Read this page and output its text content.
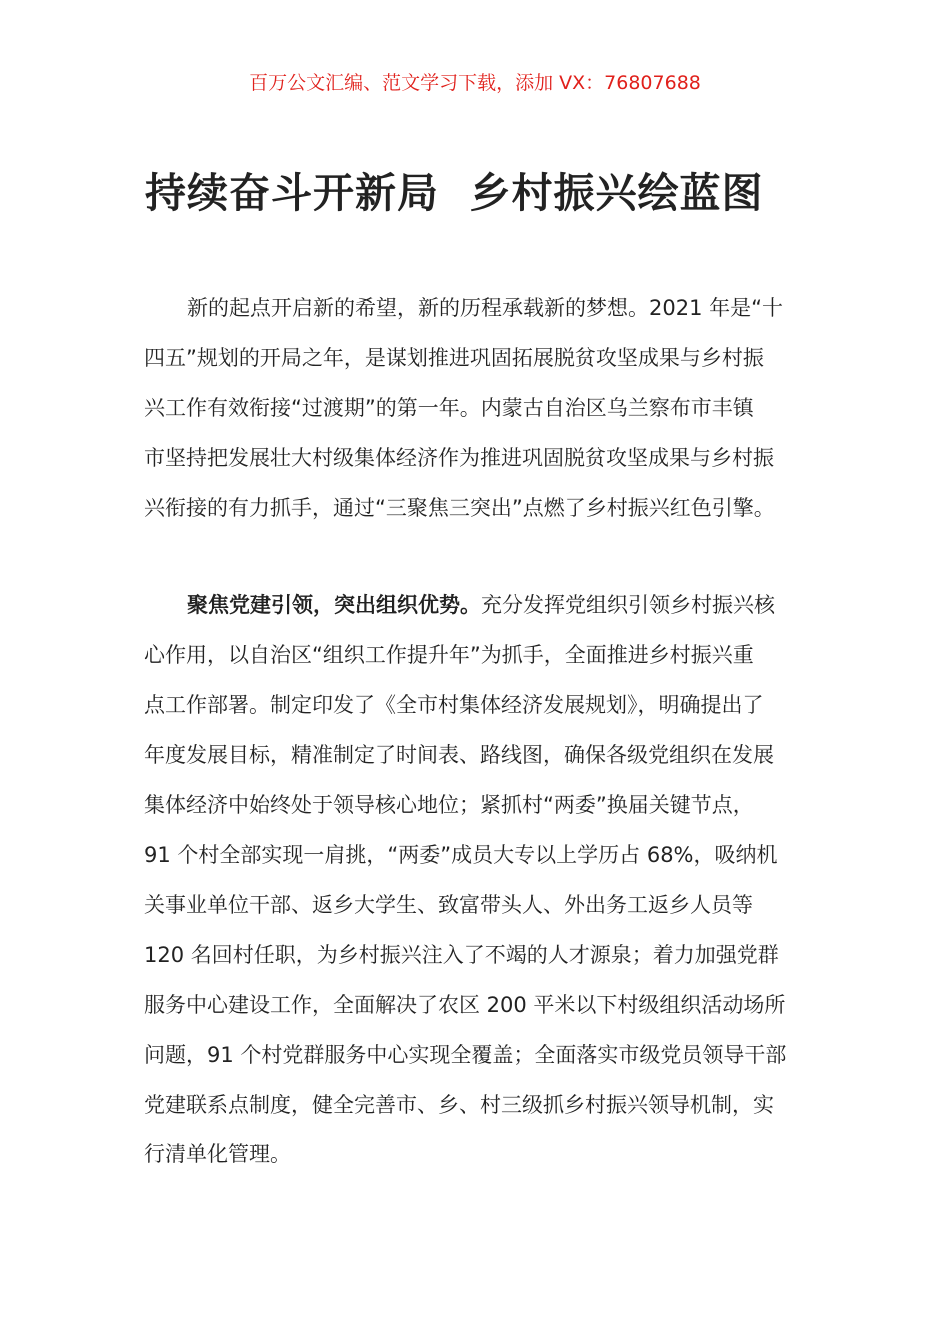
百万公文汇编、范文学习下载，添加 VX：76807688
持续奋斗开新局  乡村振兴绘蓝图
新的起点开启新的希望，新的历程承载新的梦想。2021 年是“十
四五”规划的开局之年，是谋划推进巩固拓展脱贫攻坚成果与乡村振
兴工作有效衔接“过渡期”的第一年。内蒙古自治区乌兰察布市丰镇
市坚持把发展壮大村级集体经济作为推进巩固脱贫攻坚成果与乡村振
兴衔接的有力抓手，通过“三聚焦三突出”点燃了乡村振兴红色引擎。
聚焦党建引领，突出组织优势。充分发挥党组织引领乡村振兴核
心作用，以自治区“组织工作提升年”为抓手，全面推进乡村振兴重
点工作部署。制定印发了《全市村集体经济发展规划》，明确提出了
年度发展目标，精准制定了时间表、路线图，确保各级党组织在发展
集体经济中始终处于领导核心地位；紧抓村“两委”换届关键节点，
91 个村全部实现一肩挑，“两委”成员大专以上学历占 68%，吸纳机
关事业单位干部、返乡大学生、致富带头人、外出务工返乡人员等
120 名回村任职，为乡村振兴注入了不竭的人才源泉；着力加强党群
服务中心建设工作，全面解决了农区 200 平米以下村级组织活动场所
问题，91 个村党群服务中心实现全覆盖；全面落实市级党员领导干部
党建联系点制度，健全完善市、乡、村三级抓乡村振兴领导机制，实
行清单化管理。
